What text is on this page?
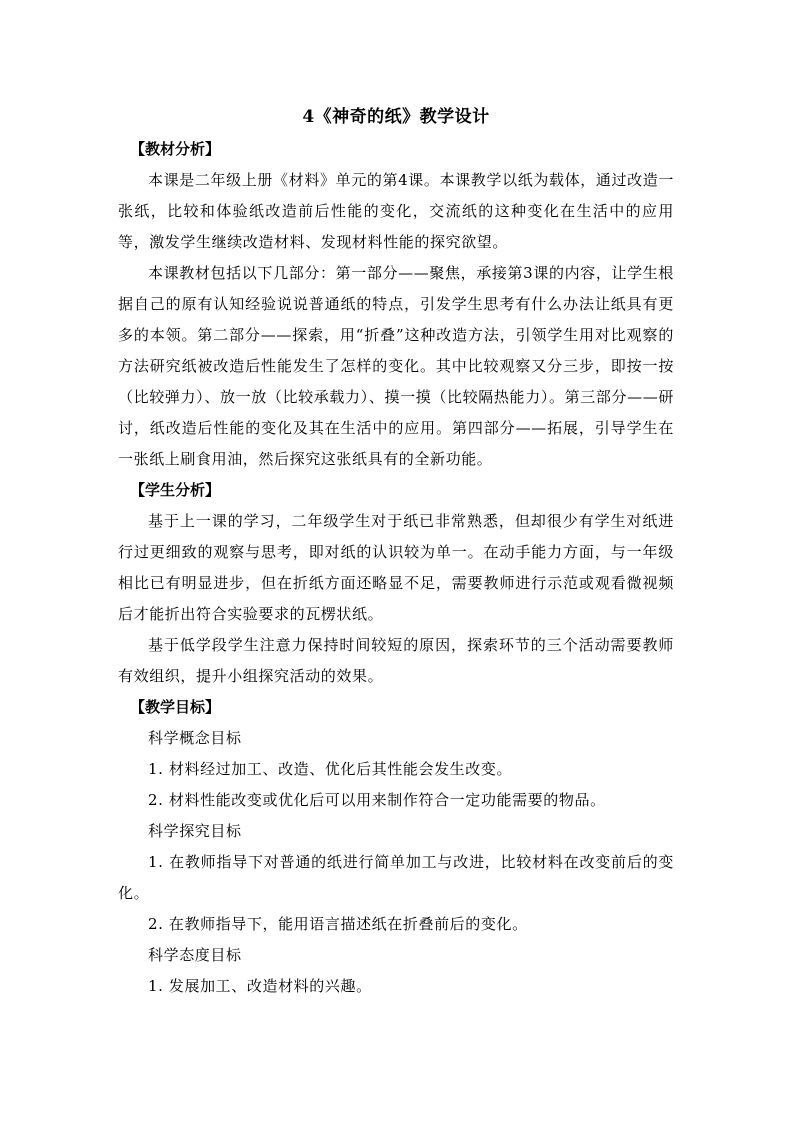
4《神奇的纸》教学设计

【教材分析】

本课是二年级上册《材料》单元的第4课。本课教学以纸为载体，通过改造一张纸，比较和体验纸改造前后性能的变化，交流纸的这种变化在生活中的应用等，激发学生继续改造材料、发现材料性能的探究欲望。

本课教材包括以下几部分：第一部分——聚焦，承接第3课的内容，让学生根据自己的原有认知经验说说普通纸的特点，引发学生思考有什么办法让纸具有更多的本领。第二部分——探索，用“折叠”这种改造方法，引领学生用对比观察的方法研究纸被改造后性能发生了怎样的变化。其中比较观察又分三步，即按一按（比较弹力）、放一放（比较承载力）、摸一摸（比较隔热能力）。第三部分——研讨，纸改造后性能的变化及其在生活中的应用。第四部分——拓展，引导学生在一张纸上刷食用油，然后探究这张纸具有的全新功能。

【学生分析】

基于上一课的学习，二年级学生对于纸已非常熟悉，但却很少有学生对纸进行过更细致的观察与思考，即对纸的认识较为单一。在动手能力方面，与一年级相比已有明显进步，但在折纸方面还略显不足，需要教师进行示范或观看微视频后才能折出符合实验要求的瓦楞状纸。

基于低学段学生注意力保持时间较短的原因，探索环节的三个活动需要教师有效组织，提升小组探究活动的效果。

【教学目标】

科学概念目标

1. 材料经过加工、改造、优化后其性能会发生改变。

2. 材料性能改变或优化后可以用来制作符合一定功能需要的物品。

科学探究目标

1. 在教师指导下对普通的纸进行简单加工与改进，比较材料在改变前后的变化。

2. 在教师指导下，能用语言描述纸在折叠前后的变化。

科学态度目标

1. 发展加工、改造材料的兴趣。
